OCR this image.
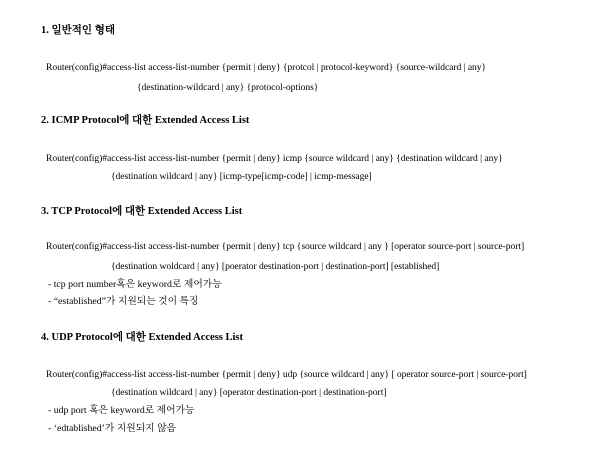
1. 일반적인 형태
Router(config)#access-list access-list-number {permit | deny} {protcol | protocol-keyword} {source-wildcard | any}
{destination-wildcard | any} {protocol-options}
2. ICMP Protocol에 대한 Extended Access List
Router(config)#access-list access-list-number {permit | deny} icmp {source wildcard | any} {destination wildcard | any}
{destination wildcard | any} [icmp-type[icmp-code] | icmp-message]
3. TCP Protocol에 대한 Extended Access List
Router(config)#access-list access-list-number {permit | deny} tcp {source wildcard | any } [operator source-port | source-port]
{destination woldcard | any} [poerator destination-port | destination-port] [established]
- tcp port number혹은 keyword로 제어가능
- “established”가 지원되는 것이 특징
4. UDP Protocol에 대한 Extended Access List
Router(config)#access-list access-list-number {permit | deny} udp {source wildcard | any} [ operator source-port | source-port]
{destination wildcard | any} [operator destination-port | destination-port]
- udp port 혹은 keyword로 제어가능
- ‘edtablished’가 지원되지 않음
